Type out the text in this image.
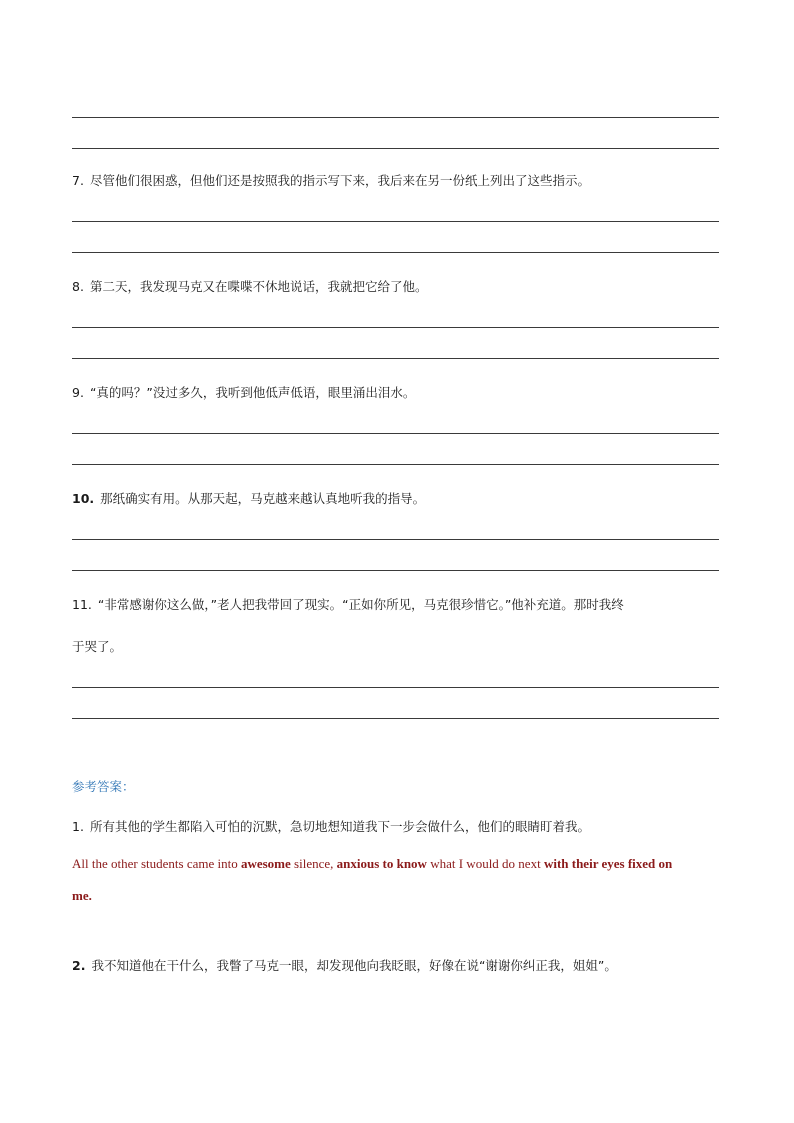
7. 尽管他们很困惑，但他们还是按照我的指示写下来，我后来在另一份纸上列出了这些指示。
8. 第二天，我发现马克又在喋喋不休地说话，我就把它给了他。
9. “真的吗？”没过多久，我听到他低声低语，眼里涌出泪水。
10. 那纸确实有用。从那天起，马克越来越认真地听我的指导。
11. “非常感谢你这么做，”老人把我带回了现实。“正如你所见，马克很珍惜它。”他补充道。那时我终
于哭了。
参考答案：
1. 所有其他的学生都陷入可怕的沉默，急切地想知道我下一步会做什么，他们的眼睛盯着我。
All the other students came into awesome silence, anxious to know what I would do next with their eyes fixed on
me.
2. 我不知道他在干什么，我瞥了马克一眼，却发现他向我眨眼，好像在说“谢谢你纠正我，姐姐”。
